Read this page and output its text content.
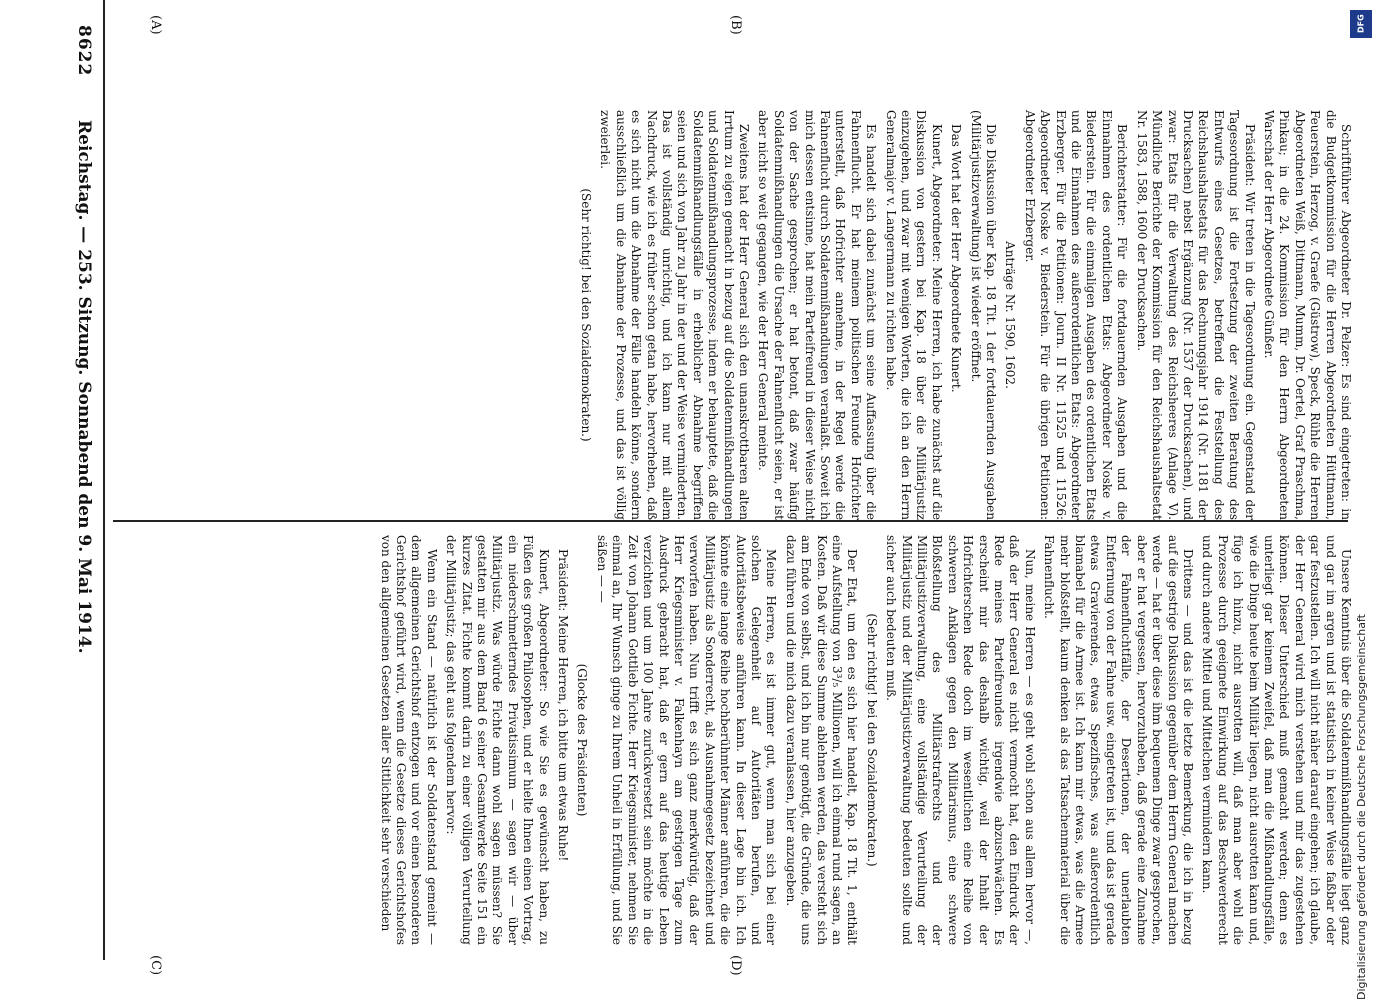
8622
Reichstag. — 253. Sitzung. Sonnabend den 9. Mai 1914.
(A)	(B)
(C)	(D)

Schriftführer Abgeordneter Dr. Pelzer: Es sind eingetreten: in die Budgetkommission für die Herren Abgeordneten Hüttmann, Feuerstein, Herzog, v. Graefe (Güstrow), Speck, Rühle die Herren Abgeordneten Weiß, Dittmann, Mumm, Dr. Oertel, Graf Praschma, Pinkau; in die 24. Kommission für den Herrn Abgeordneten Warschat der Herr Abgeordnete Günßer.

Präsident: Wir treten in die Tagesordnung ein. Gegenstand der Tagesordnung ist die Fortsetzung der zweiten Beratung des Entwurfs eines Gesetzes, betreffend die Feststellung des Reichshaushaltsetats für das Rechnungsjahr 1914 (Nr. 1181 der Drucksachen) nebst Ergänzung (Nr. 1537 der Drucksachen), und zwar: Etats für die Verwaltung des Reichsheeres (Anlage V). Mündliche Berichte der Kommission für den Reichshaushaltsetat Nr. 1583, 1588, 1600 der Drucksachen.

Berichterstatter: Für die fortdauernden Ausgaben und die Einnahmen des ordentlichen Etats: Abgeordneter Noske v. Biederstein. Für die einmaligen Ausgaben des ordentlichen Etats und die Einnahmen des außerordentlichen Etats: Abgeordneter Erzberger. Für die Petitionen: Journ. II Nr. 11525 und 11526: Abgeordneter Noske v. Biederstein. Für die übrigen Petitionen: Abgeordneter Erzberger.

Anträge Nr. 1590, 1602.

Die Diskussion über Kap. 18 Tit. 1 der fortdauernden Ausgaben (Militärjustizverwaltung) ist wieder eröffnet.

Das Wort hat der Herr Abgeordnete Kunert.

Kunert, Abgeordneter: Meine Herren, ich habe zunächst auf die Diskussion von gestern bei Kap. 18 über die Militärjustiz einzugehen, und zwar mit wenigen Worten, die ich an den Herrn Generalmajor v. Langermann zu richten habe.

Es handelt sich dabei zunächst um seine Auffassung über die Fahnenflucht. Er hat meinem politischen Freunde Hofrichter unterstellt, daß Hofrichter annehme, in der Regel werde die Fahnenflucht durch Soldatenmißhandlungen veranlaßt. Soweit ich mich dessen entsinne, hat mein Parteifreund in dieser Weise nicht von der Sache gesprochen; er hat betont, daß zwar häufig Soldatenmißhandlungen die Ursache der Fahnenflucht seien, er ist aber nicht so weit gegangen, wie der Herr General meinte.

Zweitens hat der Herr General sich den unanskrottbaren alten Irrtum zu eigen gemacht in bezug auf die Soldatenmißhandlungen und Soldatenmißhandlungsprozesse, indem er behauptete, daß die Soldatenmißhandlungsfälle in erheblicher Abnahme begriffen seien und sich von Jahr zu Jahr in der und der Weise verminderten. Das ist vollständig unrichtig, und ich kann nur mit allem Nachdruck, wie ich es früher schon getan habe, hervorheben, daß es sich nicht um die Abnahme der Fälle handeln könne, sondern ausschließlich um die Abnahme der Prozesse, und das ist völlig zweierlei.

(Sehr richtig! bei den Sozialdemokraten.)

Unsere Kenntnis über die Soldatenmißhandlungsfälle liegt ganz und gar im argen und ist statistisch in keiner Weise faßbar oder gar festzustellen. Ich will nicht näher darauf eingehen; ich glaube, der Herr General wird mich verstehen und mir das zugestehen können. Dieser Unterschied muß gemacht werden; denn es unterliegt gar keinem Zweifel, daß man die Mißhandlungsfälle, wie die Dinge heute beim Militär liegen, nicht ausrotten kann und, füge ich hinzu, nicht ausrotten will, daß man aber wohl die Prozesse durch geeignete Einwirkung auf das Beschwerderecht und durch andere Mittel und Mittelchen vermindern kann.

Drittens — und das ist die letzte Bemerkung, die ich in bezug auf die gestrige Diskussion gegenüber dem Herrn General machen werde — hat er über diese ihm bequemen Dinge zwar gesprochen, aber er hat vergessen, hervorzuheben, daß gerade eine Zunahme der Fahnenfluchtfälle, der Desertionen, der unerlaubten Entfernung von der Fahne usw. eingetreten ist, und das ist gerade etwas Gravierendes, etwas Spezifisches, was außerordentlich blamabel für die Armee ist. Ich kann mir etwas, was die Armee mehr bloßstellt, kaum denken als das Tatsachenmaterial über die Fahnenflucht.

Nun, meine Herren — es geht wohl schon aus allem hervor —, daß der Herr General es nicht vermocht hat, den Eindruck der Rede meines Parteifreundes irgendwie abzuschwächen. Es erscheint mir das deshalb wichtig, weil der Inhalt der Hofrichterschen Rede doch im wesentlichen eine Reihe von schweren Anklagen gegen den Militarismus, eine schwere Bloßstellung des Militärstrafrechts und der Militärjustizverwaltung, eine vollständige Verurteilung der Militärjustiz und der Militärjustizverwaltung bedeuten sollte und sicher auch bedeuten muß.

(Sehr richtig! bei den Sozialdemokraten.)

Der Etat, um den es sich hier handelt, Kap. 18 Tit. 1, enthält eine Aufstellung von 3³/₅ Millionen, will ich einmal rund sagen, an Kosten. Daß wir diese Summe ablehnen werden, das versteht sich am Ende von selbst, und ich bin nur genötigt, die Gründe, die uns dazu führen und die mich dazu veranlassen, hier anzugeben.

Meine Herren, es ist immer gut, wenn man sich bei einer solchen Gelegenheit auf Autoritäten berufen, und Autoritätsbeweise anführen kann. In dieser Lage bin ich. Ich könnte eine lange Reihe hochberühmter Männer anführen, die die Militärjustiz als Sonderrecht, als Ausnahmegesetz bezeichnet und verworfen haben. Nun trifft es sich ganz merkwürdig, daß der Herr Kriegsminister v. Falkenhayn am gestrigen Tage zum Ausdruck gebracht hat, daß er gern auf das heutige Leben verzichten und um 100 Jahre zurückversetzt sein möchte in die Zeit von Johann Gottlieb Fichte. Herr Kriegsminister, nehmen Sie einmal an, Ihr Wunsch ginge zu Ihrem Unheil in Erfüllung, und Sie säßen — —

(Glocke des Präsidenten)

Präsident: Meine Herren, ich bitte um etwas Ruhe!

Kunert, Abgeordneter: So wie Sie es gewünscht haben, zu Füßen des großen Philosophen, und er hielte Ihnen einen Vortrag, ein niederschmetterndes Privatissimum — sagen wir — über Militärjustiz. Was würde Fichte dann wohl sagen müssen? Sie gestatten mir aus dem Band 6 seiner Gesamtwerke Seite 151 ein kurzes Zitat. Fichte kommt darin zu einer völligen Verurteilung der Militärjustiz; das geht aus folgendem hervor:

Wenn ein Stand — natürlich ist der Soldatenstand gemeint — dem allgemeinen Gerichtshof entzogen und vor einen besonderen Gerichtshof geführt wird, wenn die Gesetze dieses Gerichtshofes von den allgemeinen Gesetzen aller Sittlichkeit sehr verschieden

DFG
Digitalisierung gefördert durch die Deutsche Forschungsgemeinschaft
